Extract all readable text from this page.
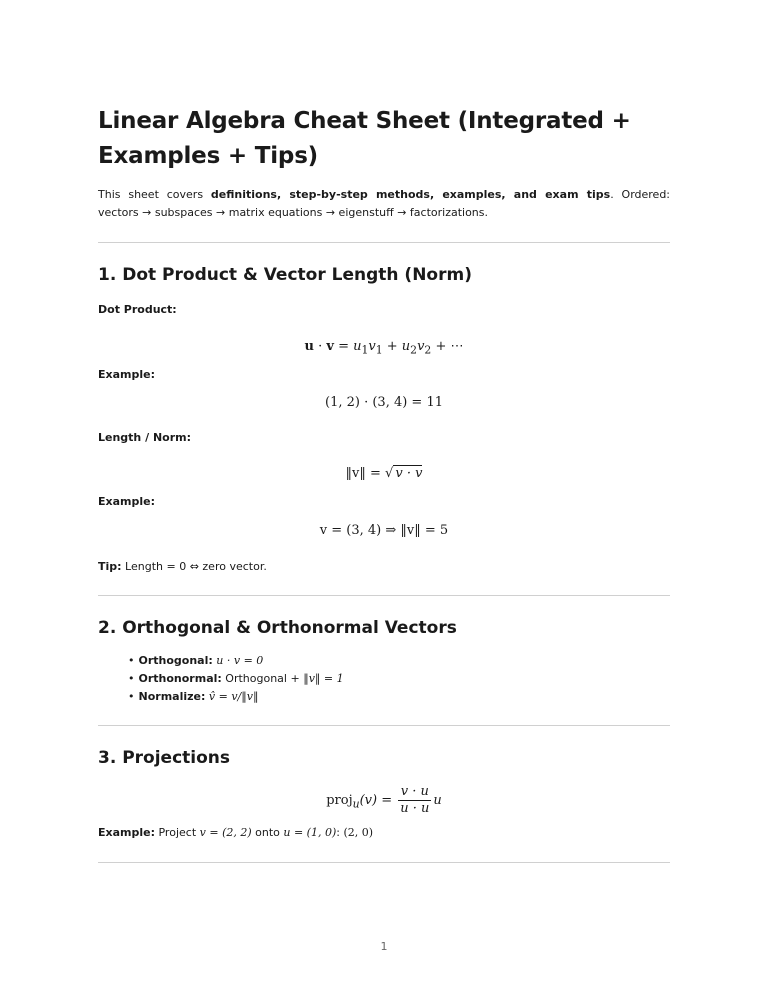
Linear Algebra Cheat Sheet (Integrated + Examples + Tips)

This sheet covers definitions, step-by-step methods, examples, and exam tips. Ordered: vectors → subspaces → matrix equations → eigenstuff → factorizations.

1. Dot Product & Vector Length (Norm)
Dot Product:
$u \cdot v = u_1v_1 + u_2v_2$ + ⋯
Example:
(1, 2) · (3, 4) = 11
Length / Norm:
‖v‖ = √ v · v
Example:
v = (3, 4) ⇒ ‖v‖ = 5

Tip: Length = 0 ⇔ zero vector.

2. Orthogonal & Orthonormal Vectors
• Orthogonal: u · v = 0
• Orthonormal: Orthogonal + ‖v‖ = 1
• Normalize: v̂ = v/‖v‖
3. Projections
proj$_u$(v) = $\frac{v \cdot u}{u \cdot u}$ u

Example: Project v = (2, 2) onto u = (1, 0): (2, 0)

1
